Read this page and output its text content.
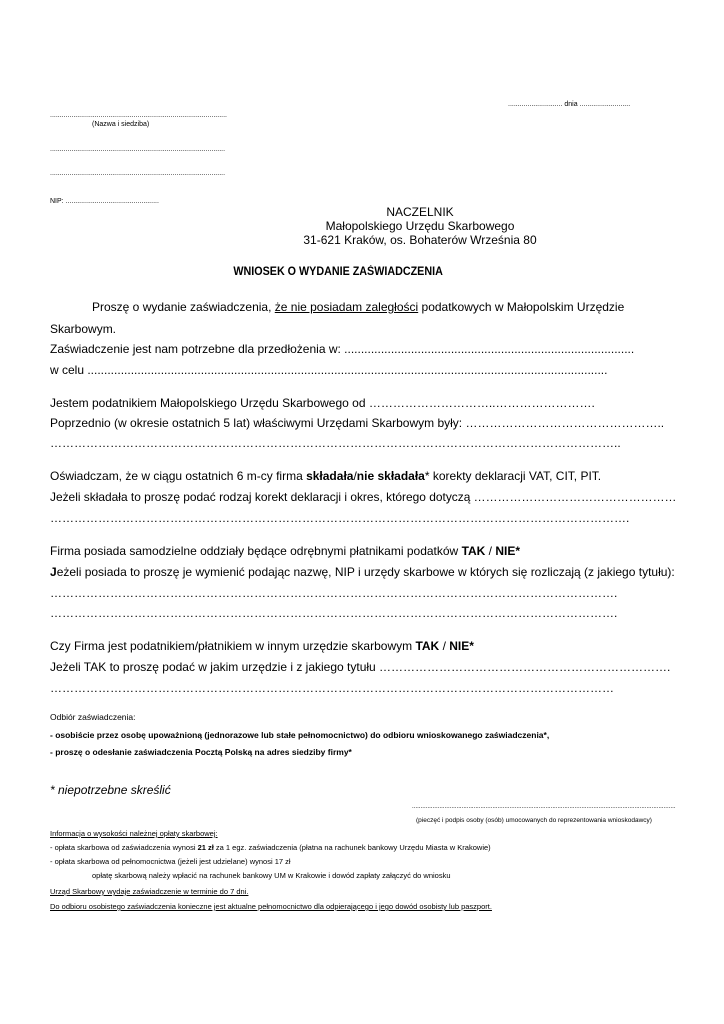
............................ dnia ..........................
...........................................................................................
(Nazwa i siedziba)
..........................................................................................
..........................................................................................
NIP: ................................................
NACZELNIK
Małopolskiego Urzędu Skarbowego
31-621 Kraków, os. Bohaterów Września 80
WNIOSEK O WYDANIE ZAŚWIADCZENIA
Proszę o wydanie zaświadczenia, że nie posiadam zaległości podatkowych w Małopolskim Urzędzie
Skarbowym.
Zaświadczenie jest nam potrzebne dla przedłożenia w: .......................................................................................
w celu ............................................................................................................................................................
Jestem podatnikiem Małopolskiego Urzędu Skarbowego od …………………………..…………………….
Poprzednio (w okresie ostatnich 5 lat) właściwymi Urzędami Skarbowym były: …………………………………………..
……………………………………………………………………………………………………………………………..
Oświadczam, że w ciągu ostatnich 6 m-cy firma składała/nie składała* korekty deklaracji VAT, CIT, PIT.
Jeżeli składała to proszę podać rodzaj korekt deklaracji i okres, którego dotyczą ……………………………………………
……………………………………………………………………………………………………………………………….
Firma posiada samodzielne oddziały będące odrębnymi płatnikami podatków TAK / NIE*
Jeżeli posiada to proszę je wymienić podając nazwę, NIP i urzędy skarbowe w których się rozliczają (z jakiego tytułu):
…………………………………………………………………………………………………………………………….
…………………………………………………………………………………………………………………………….
Czy Firma jest podatnikiem/płatnikiem w innym urzędzie skarbowym TAK / NIE*
Jeżeli TAK to proszę podać w jakim urzędzie i z jakiego tytułu ……………………………………………………………….
……………………………………………………………………………………………………………………………
Odbiór zaświadczenia:
- osobiście przez osobę upoważnioną (jednorazowe lub stałe pełnomocnictwo) do odbioru wnioskowanego zaświadczenia*,
- proszę o odesłanie zaświadczenia Pocztą Polską na adres siedziby firmy*
* niepotrzebne skreślić
..........................................................................................................................................................
(pieczęć i podpis osoby (osób) umocowanych do reprezentowania wnioskodawcy)
Informacja o wysokości należnej opłaty skarbowej:
- opłata skarbowa od zaświadczenia wynosi 21 zł za 1 egz. zaświadczenia (płatna na rachunek bankowy Urzędu Miasta w Krakowie)
- opłata skarbowa od pełnomocnictwa (jeżeli jest udzielane) wynosi 17 zł
opłatę skarbową należy wpłacić na rachunek bankowy UM w Krakowie i dowód zapłaty załączyć do wniosku
Urząd Skarbowy wydaje zaświadczenie w terminie do 7 dni.
Do odbioru osobistego zaświadczenia konieczne jest aktualne pełnomocnictwo dla odpierającego i jego dowód osobisty lub paszport.
